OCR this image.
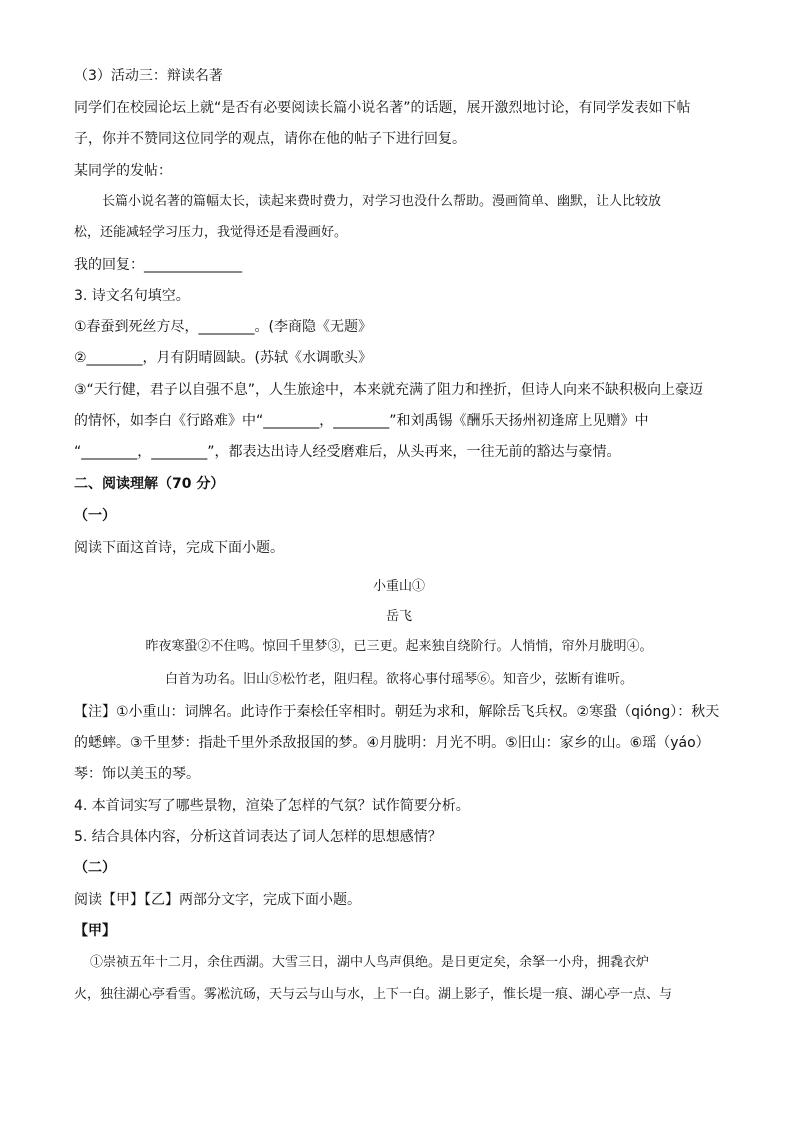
（3）活动三：辩读名著
同学们在校园论坛上就“是否有必要阅读长篇小说名著”的话题，展开激烈地讨论，有同学发表如下帖
子，你并不赞同这位同学的观点，请你在他的帖子下进行回复。
某同学的发帖：
长篇小说名著的篇幅太长，读起来费时费力，对学习也没什么帮助。漫画简单、幽默，让人比较放
松，还能减轻学习压力，我觉得还是看漫画好。
我的回复：______________
3. 诗文名句填空。
①春蚕到死丝方尽，________。(李商隐《无题》
②________，月有阴晴圆缺。(苏轼《水调歌头》
③“天行健，君子以自强不息”，人生旅途中，本来就充满了阻力和挫折，但诗人向来不缺积极向上豪迈
的情怀，如李白《行路难》中“________，________”和刘禹锡《酬乐天扬州初逢席上见赠》中
“________，________”，都表达出诗人经受磨难后，从头再来，一往无前的豁达与豪情。
二、阅读理解（70 分）
（一）
阅读下面这首诗，完成下面小题。
小重山①
岳飞
昨夜寒蛩②不住鸣。惊回千里梦③，已三更。起来独自绕阶行。人悄悄，帘外月胧明④。
白首为功名。旧山⑤松竹老，阻归程。欲将心事付瑶琴⑥。知音少，弦断有谁听。
【注】①小重山：词牌名。此诗作于秦桧任宰相时。朝廷为求和，解除岳飞兵权。②寒蛩（qióng）：秋天
的蟋蟀。③千里梦：指赴千里外杀敌报国的梦。④月胧明：月光不明。⑤旧山：家乡的山。⑥瑶（yáo）
琴：饰以美玉的琴。
4. 本首词实写了哪些景物，渲染了怎样的气氛？试作简要分析。
5. 结合具体内容，分析这首词表达了词人怎样的思想感情？
（二）
阅读【甲】【乙】两部分文字，完成下面小题。
【甲】
①崇祯五年十二月，余住西湖。大雪三日，湖中人鸟声俱绝。是日更定矣，余拏一小舟，拥毳衣炉
火，独往湖心亭看雪。雾凇沆砀，天与云与山与水，上下一白。湖上影子，惟长堤一痕、湖心亭一点、与
